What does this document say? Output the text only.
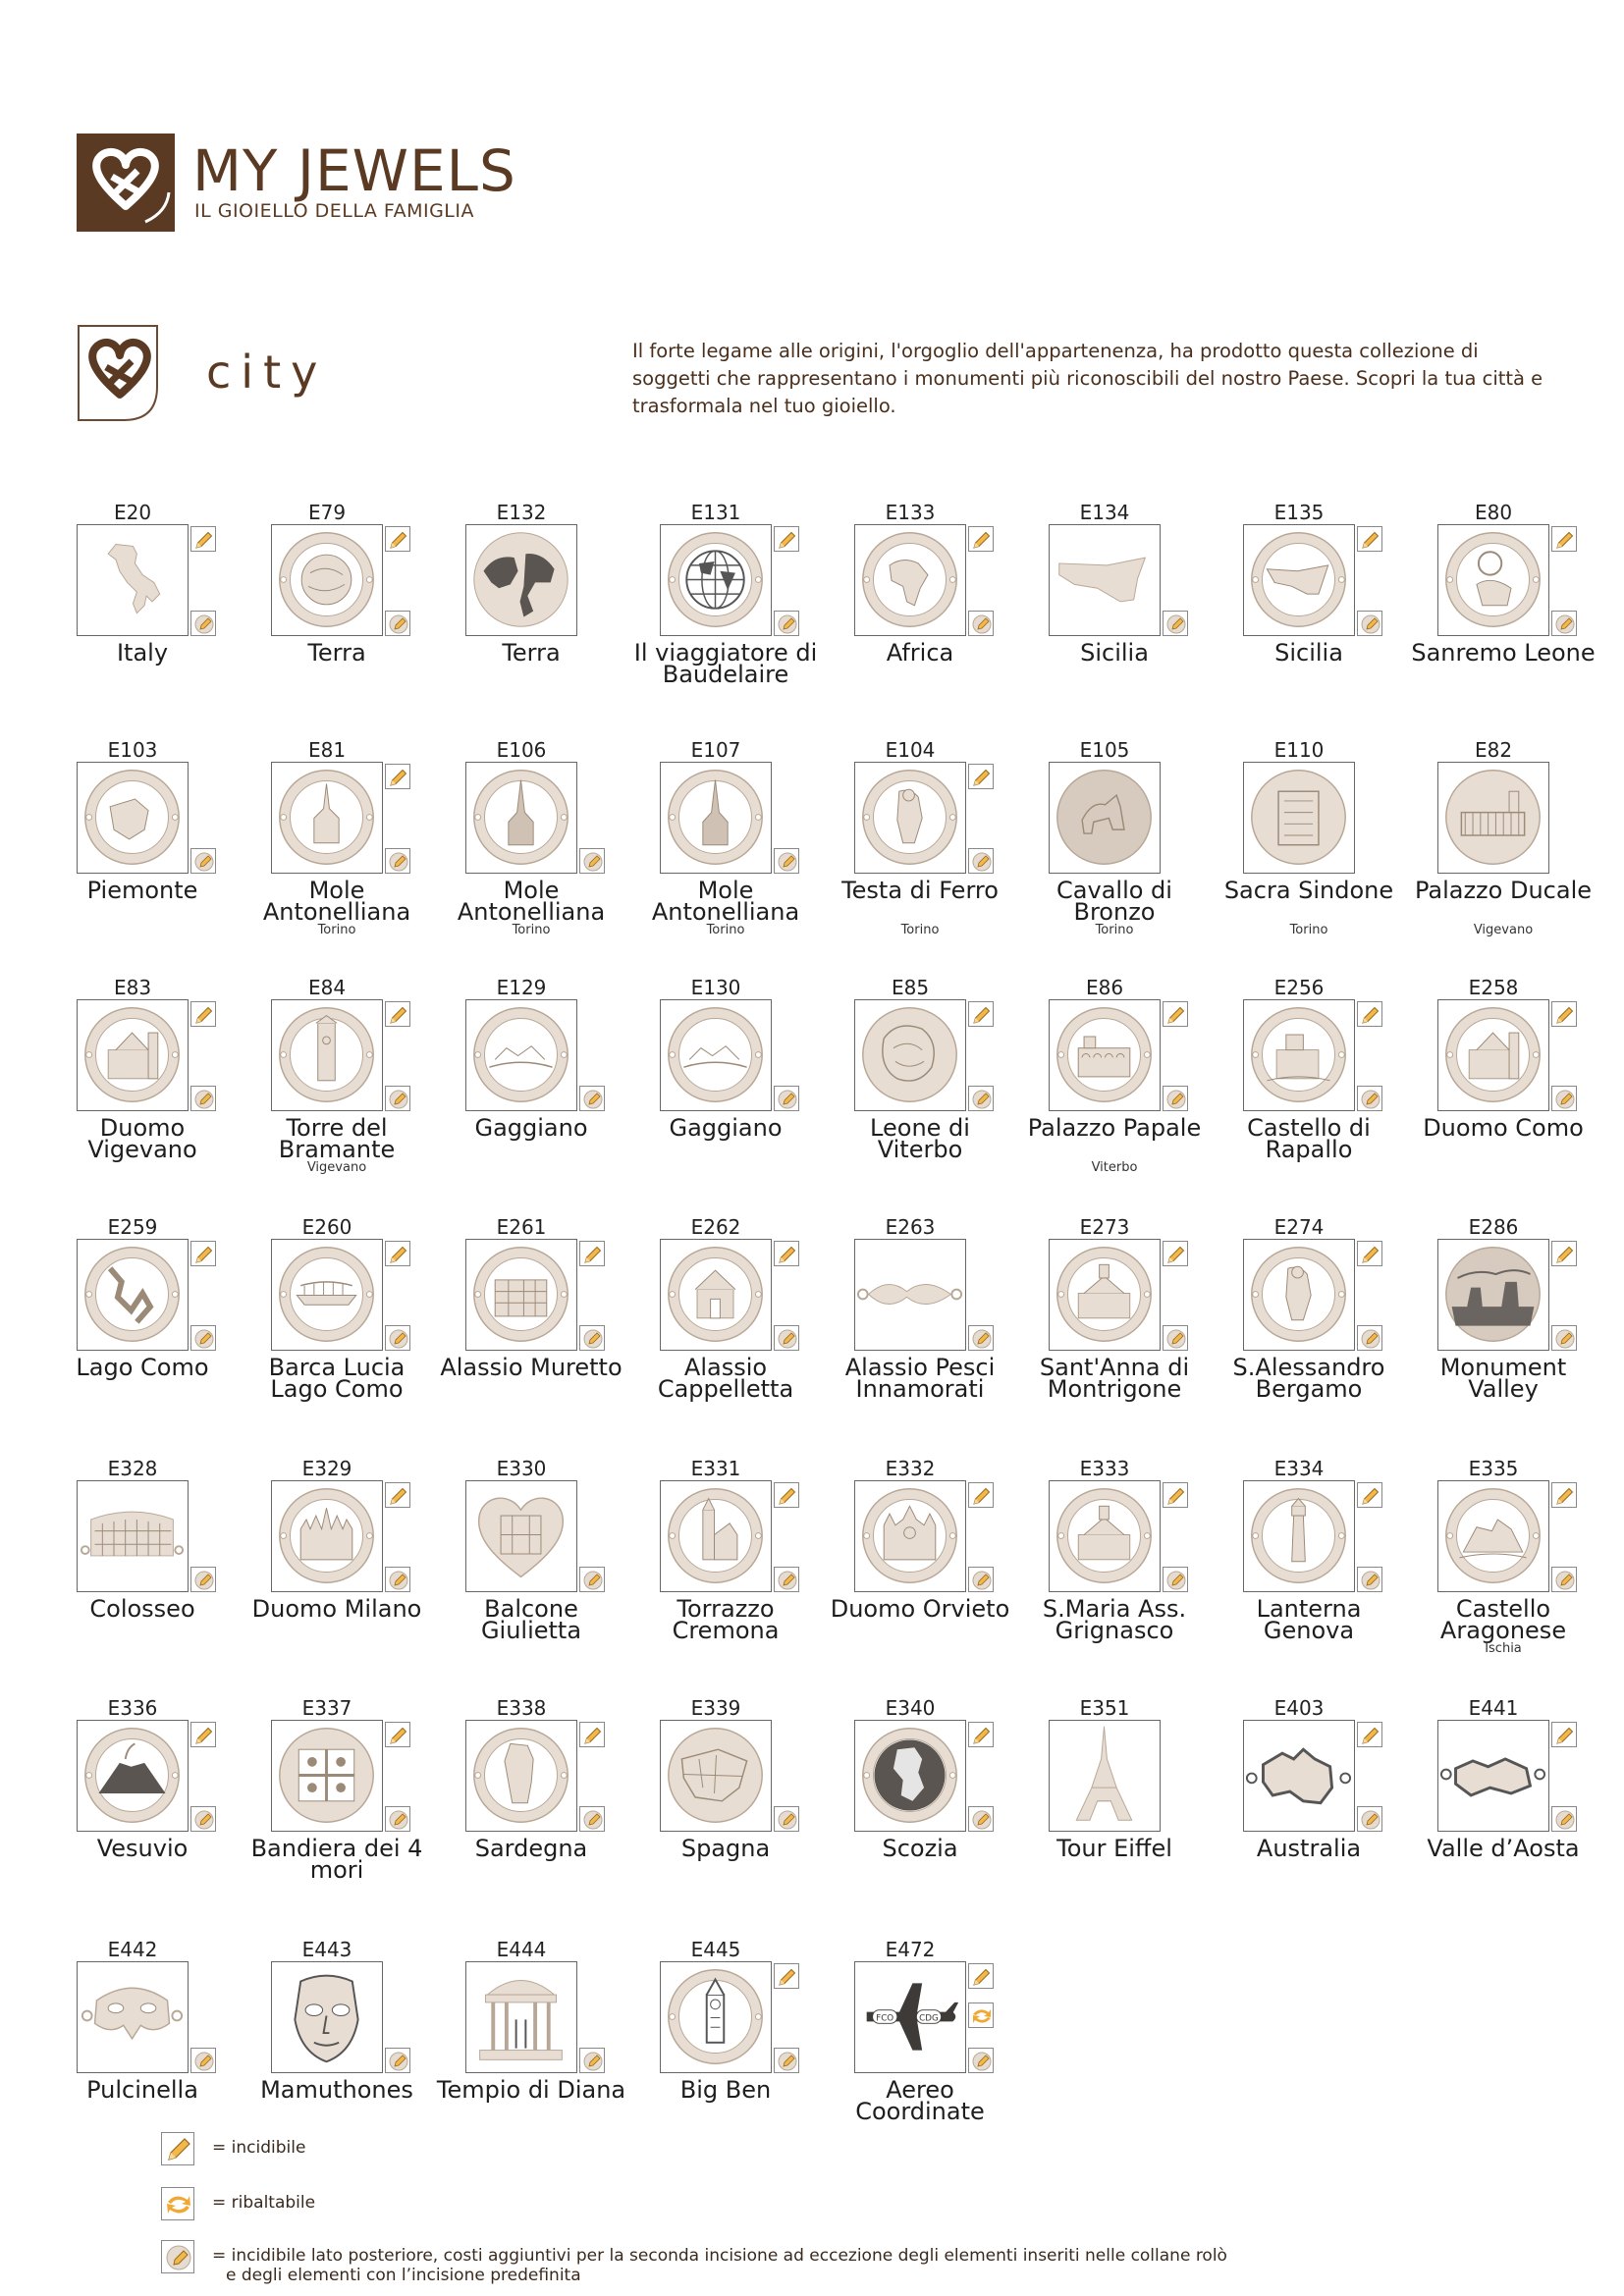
MY JEWELS
IL GIOIELLO DELLA FAMIGLIA
city	Il forte legame alle origini, l'orgoglio dell'appartenenza, ha prodotto questa collezione di soggetti che rappresentano i monumenti più riconoscibili del nostro Paese. Scopri la tua città e trasformala nel tuo gioiello.
E20
Italy
E79
Terra
E132
Terra
E131
Il viaggiatore di Baudelaire
E133
Africa
E134
Sicilia
E135
Sicilia
E80
Sanremo Leone
E103
Piemonte
E81
Mole Antonelliana
Torino
E106
Mole Antonelliana
Torino
E107
Mole Antonelliana
Torino
E104
Testa di Ferro
Torino
E105
Cavallo di Bronzo
Torino
E110
Sacra Sindone
Torino
E82
Palazzo Ducale
Vigevano
E83
Duomo Vigevano
E84
Torre del Bramante
Vigevano
E129
Gaggiano
E130
Gaggiano
E85
Leone di Viterbo
E86
Palazzo Papale
Viterbo
E256
Castello di Rapallo
E258
Duomo Como
E259
Lago Como
E260
Barca Lucia Lago Como
E261
Alassio Muretto
E262
Alassio Cappelletta
E263
Alassio Pesci Innamorati
E273
Sant'Anna di Montrigone
E274
S.Alessandro Bergamo
E286
Monument Valley
E328
Colosseo
E329
Duomo Milano
E330
Balcone Giulietta
E331
Torrazzo Cremona
E332
Duomo Orvieto
E333
S.Maria Ass. Grignasco
E334
Lanterna Genova
E335
Castello Aragonese
Ischia
E336
Vesuvio
E337
Bandiera dei 4 mori
E338
Sardegna
E339
Spagna
E340
Scozia
E351
Tour Eiffel
E403
Australia
E441
Valle d’Aosta
E442
Pulcinella
E443
Mamuthones
E444
Tempio di Diana
E445
Big Ben
E472
FCO	CDG
Aereo Coordinate
= incidibile
= ribaltabile
= incidibile lato posteriore, costi aggiuntivi per la seconda incisione ad eccezione degli elementi inseriti nelle collane rolò
e degli elementi con l’incisione predefinita
